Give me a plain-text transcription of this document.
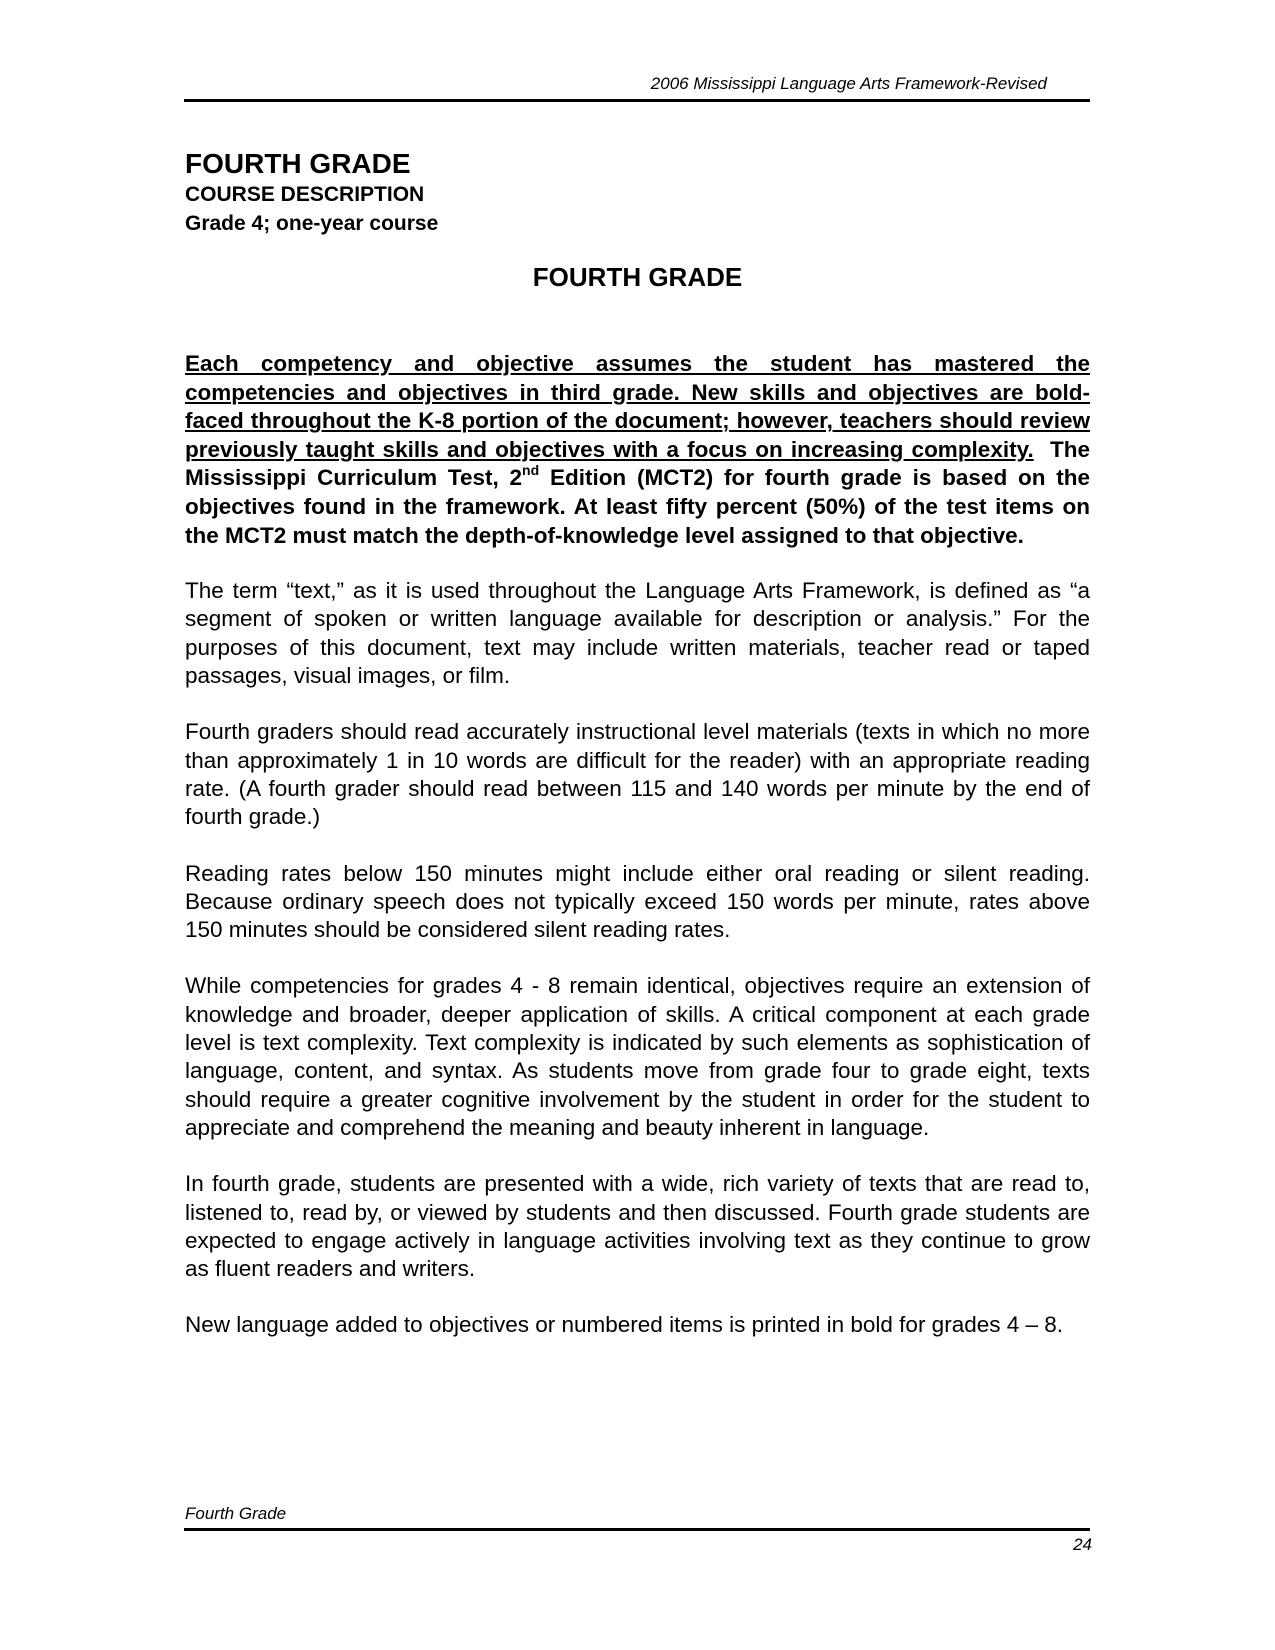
2006 Mississippi Language Arts Framework-Revised
FOURTH GRADE
COURSE DESCRIPTION
Grade 4; one-year course
FOURTH GRADE

Each competency and objective assumes the student has mastered the competencies and objectives in third grade. New skills and objectives are bold-faced throughout the K-8 portion of the document; however, teachers should review previously taught skills and objectives with a focus on increasing complexity. The Mississippi Curriculum Test, 2nd Edition (MCT2) for fourth grade is based on the objectives found in the framework. At least fifty percent (50%) of the test items on the MCT2 must match the depth-of-knowledge level assigned to that objective.

The term “text,” as it is used throughout the Language Arts Framework, is defined as “a segment of spoken or written language available for description or analysis.” For the purposes of this document, text may include written materials, teacher read or taped passages, visual images, or film.

Fourth graders should read accurately instructional level materials (texts in which no more than approximately 1 in 10 words are difficult for the reader) with an appropriate reading rate. (A fourth grader should read between 115 and 140 words per minute by the end of fourth grade.)

Reading rates below 150 minutes might include either oral reading or silent reading. Because ordinary speech does not typically exceed 150 words per minute, rates above 150 minutes should be considered silent reading rates.

While competencies for grades 4 - 8 remain identical, objectives require an extension of knowledge and broader, deeper application of skills. A critical component at each grade level is text complexity. Text complexity is indicated by such elements as sophistication of language, content, and syntax. As students move from grade four to grade eight, texts should require a greater cognitive involvement by the student in order for the student to appreciate and comprehend the meaning and beauty inherent in language.

In fourth grade, students are presented with a wide, rich variety of texts that are read to, listened to, read by, or viewed by students and then discussed. Fourth grade students are expected to engage actively in language activities involving text as they continue to grow as fluent readers and writers.

New language added to objectives or numbered items is printed in bold for grades 4 – 8.

Fourth Grade
24
